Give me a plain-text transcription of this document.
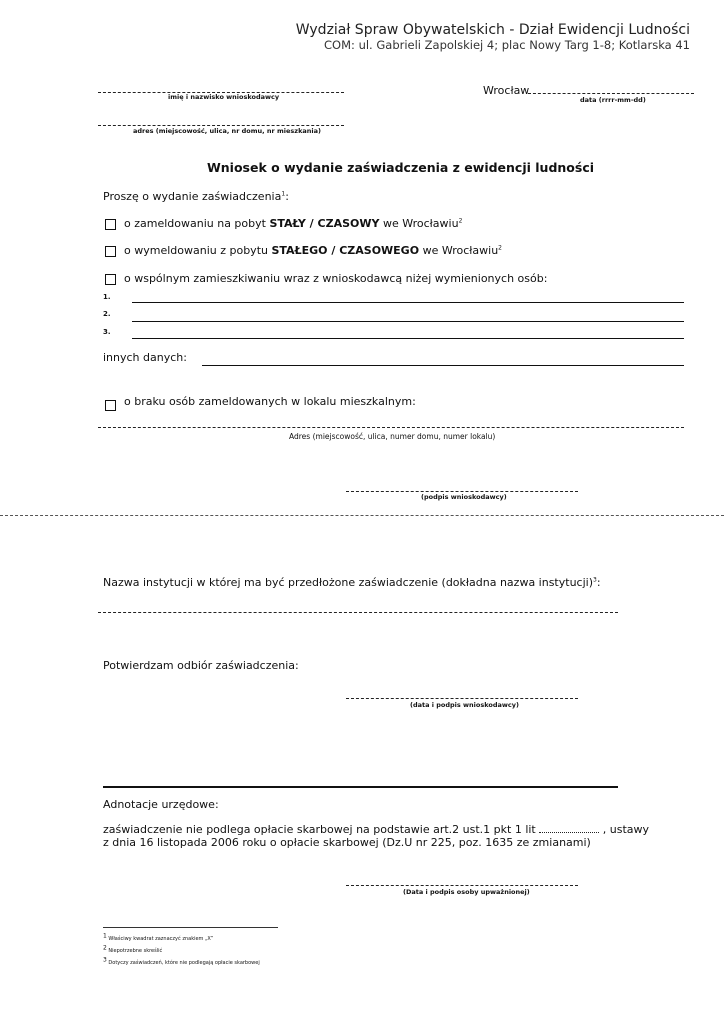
Wydział Spraw Obywatelskich - Dział Ewidencji Ludności
COM: ul. Gabrieli Zapolskiej 4; plac Nowy Targ 1-8; Kotlarska 41
imię i nazwisko wnioskodawcy	Wrocław
data (rrrr-mm-dd)
adres (miejscowość, ulica, nr domu, nr mieszkania)
Wniosek o wydanie zaświadczenia z ewidencji ludności
Proszę o wydanie zaświadczenia$^1$:
o zameldowaniu na pobyt STAŁY / CZASOWY we Wrocławiu$^2$
o wymeldowaniu z pobytu STAŁEGO / CZASOWEGO we Wrocławiu$^2$
o wspólnym zamieszkiwaniu wraz z wnioskodawcą niżej wymienionych osób:
1.
2.
3.
innych danych:
o braku osób zameldowanych w lokalu mieszkalnym:
Adres (miejscowość, ulica, numer domu, numer lokalu)
(podpis wnioskodawcy)
Nazwa instytucji w której ma być przedłożone zaświadczenie (dokładna nazwa instytucji)$^3$:
Potwierdzam odbiór zaświadczenia:
(data i podpis wnioskodawcy)
Adnotacje urzędowe:
zaświadczenie nie podlega opłacie skarbowej na podstawie art.2 ust.1 pkt 1 lit	, ustawy
z dnia 16 listopada 2006 roku o opłacie skarbowej (Dz.U nr 225, poz. 1635 ze zmianami)
(Data i podpis osoby upważnionej)
$^1$ Właściwy kwadrat zaznaczyć znakiem „X”
$^2$ Niepotrzebne skreślić
$^3$ Dotyczy zaświadczeń, które nie podlegają opłacie skarbowej
